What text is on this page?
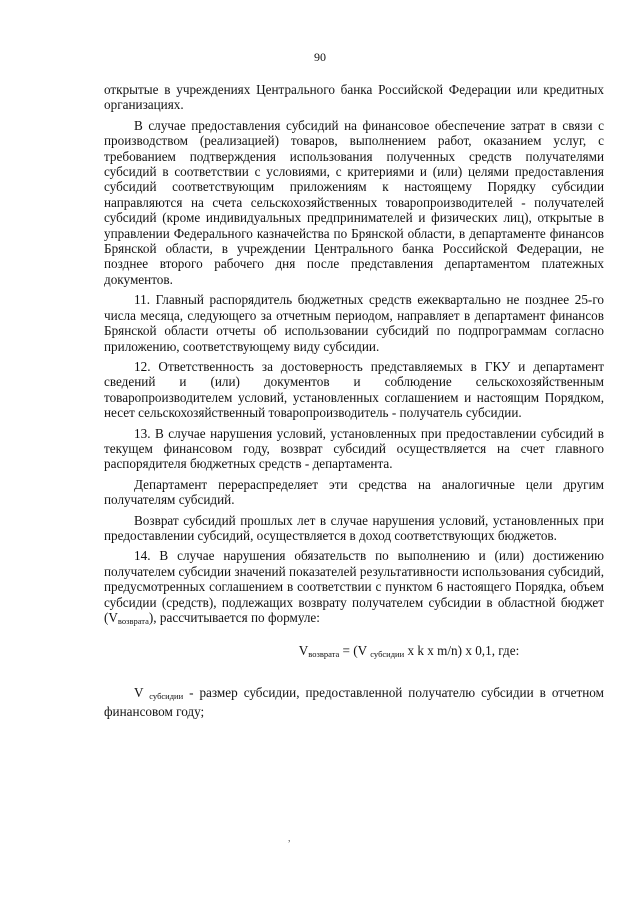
90

открытые в учреждениях Центрального банка Российской Федерации или кредитных организациях.

В случае предоставления субсидий на финансовое обеспечение затрат в связи с производством (реализацией) товаров, выполнением работ, оказанием услуг, с требованием подтверждения использования полученных средств получателями субсидий в соответствии с условиями, с критериями и (или) целями предоставления субсидий соответствующим приложениям к настоящему Порядку субсидии направляются на счета сельскохозяйственных товаропроизводителей - получателей субсидий (кроме индивидуальных предпринимателей и физических лиц), открытые в управлении Федерального казначейства по Брянской области, в департаменте финансов Брянской области, в учреждении Центрального банка Российской Федерации, не позднее второго рабочего дня после представления департаментом платежных документов.

11. Главный распорядитель бюджетных средств ежеквартально не позднее 25-го числа месяца, следующего за отчетным периодом, направляет в департамент финансов Брянской области отчеты об использовании субсидий по подпрограммам согласно приложению, соответствующему виду субсидии.

12. Ответственность за достоверность представляемых в ГКУ и департамент сведений и (или) документов и соблюдение сельскохозяйственным товаропроизводителем условий, установленных соглашением и настоящим Порядком, несет сельскохозяйственный товаропроизводитель - получатель субсидии.

13. В случае нарушения условий, установленных при предоставлении субсидий в текущем финансовом году, возврат субсидий осуществляется на счет главного распорядителя бюджетных средств - департамента.

Департамент перераспределяет эти средства на аналогичные цели другим получателям субсидий.

Возврат субсидий прошлых лет в случае нарушения условий, установленных при предоставлении субсидий, осуществляется в доход соответствующих бюджетов.

14. В случае нарушения обязательств по выполнению и (или) достижению получателем субсидии значений показателей результативности использования субсидий, предусмотренных соглашением в соответствии с пунктом 6 настоящего Порядка, объем субсидии (средств), подлежащих возврату получателем субсидии в областной бюджет $(V_{возврата})$, рассчитывается по формуле:

$V_{возврата} = (V$ $_{субсидии}$ x k x m/n) x 0,1, где:

V $_{субсидии}$ - размер субсидии, предоставленной получателю субсидии в отчетном финансовом году;

,
